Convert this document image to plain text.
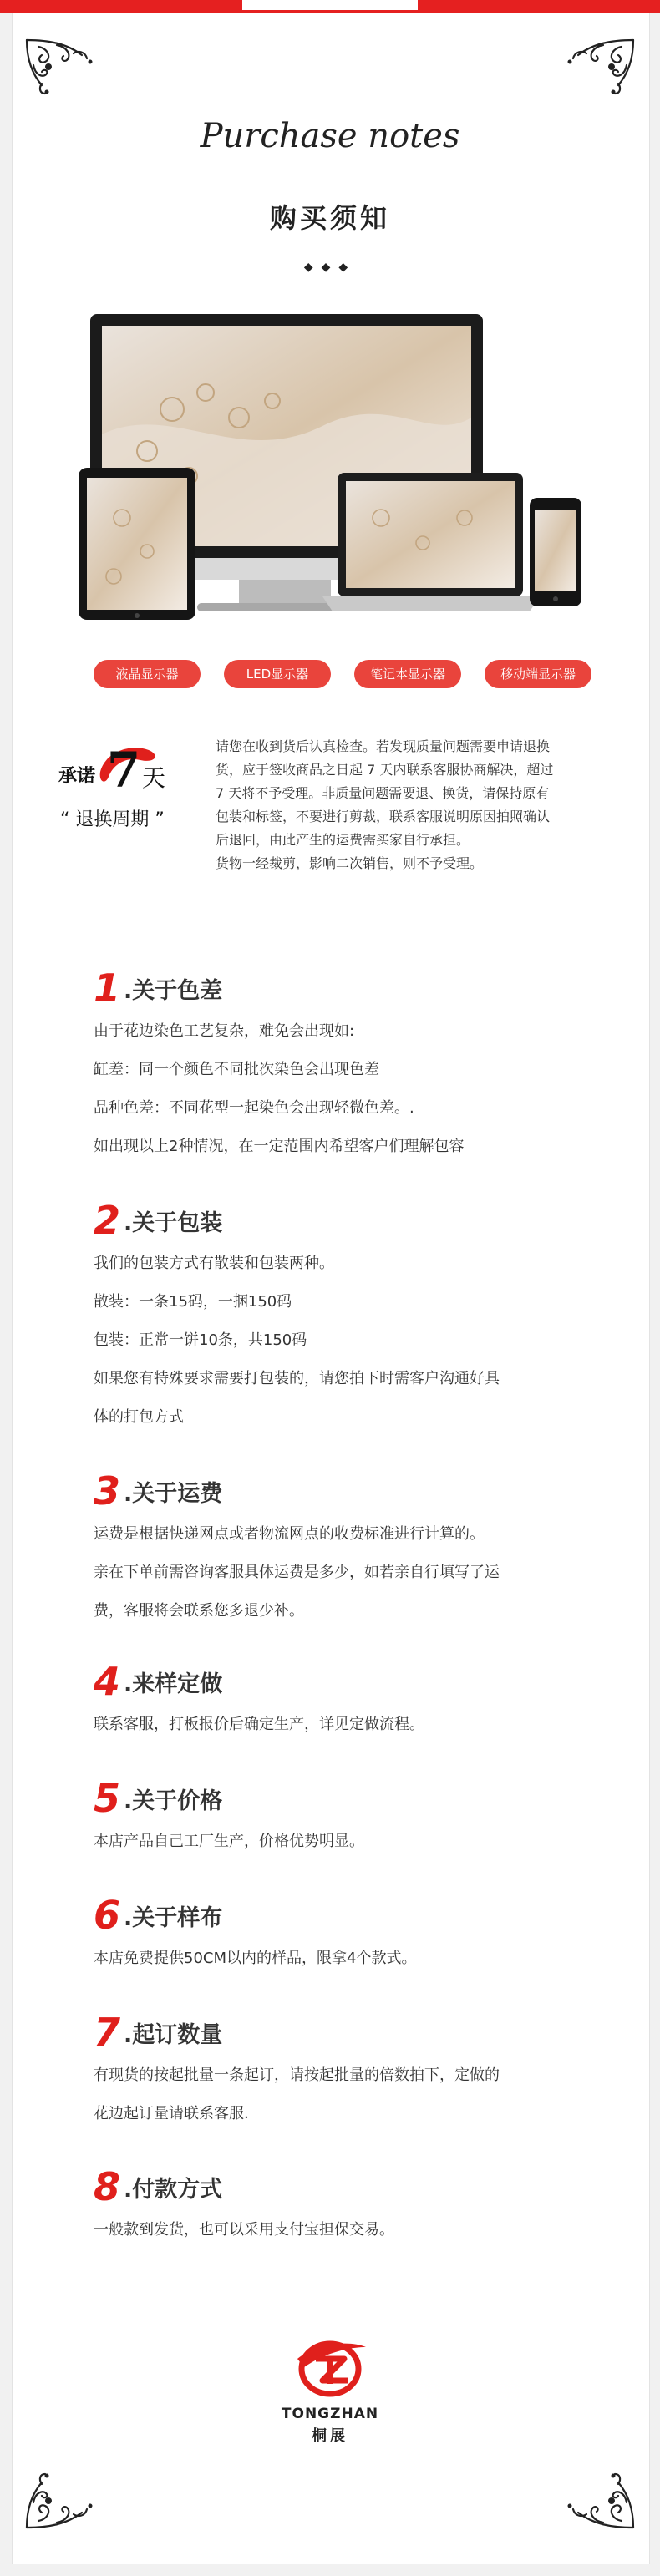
Purchase notes
购买须知
◆◆◆
液晶显示器	LED显示器	笔记本显示器	移动端显示器
7
承诺 天
“ 退换周期 ”

请您在收到货后认真检查。若发现质量问题需要申请退换

货，应于签收商品之日起 7 天内联系客服协商解决，超过

7 天将不予受理。非质量问题需要退、换货，请保持原有

包装和标签，不要进行剪裁，联系客服说明原因拍照确认

后退回，由此产生的运费需买家自行承担。

货物一经裁剪，影响二次销售，则不予受理。

1 .关于色差

由于花边染色工艺复杂，难免会出现如:

缸差：同一个颜色不同批次染色会出现色差

品种色差：不同花型一起染色会出现轻微色差。.

如出现以上2种情况，在一定范围内希望客户们理解包容

2 .关于包装

我们的包装方式有散装和包装两种。

散装：一条15码，一捆150码

包装：正常一饼10条，共150码

如果您有特殊要求需要打包装的，请您拍下时需客户沟通好具

体的打包方式

3 .关于运费

运费是根据快递网点或者物流网点的收费标准进行计算的。

亲在下单前需咨询客服具体运费是多少，如若亲自行填写了运

费，客服将会联系您多退少补。

4 .来样定做

联系客服，打板报价后确定生产，详见定做流程。

5 .关于价格

本店产品自己工厂生产，价格优势明显。

6 .关于样布

本店免费提供50CM以内的样品，限拿4个款式。

7 .起订数量

有现货的按起批量一条起订，请按起批量的倍数拍下，定做的

花边起订量请联系客服.

8 .付款方式

一般款到发货，也可以采用支付宝担保交易。

TONGZHAN
桐展
